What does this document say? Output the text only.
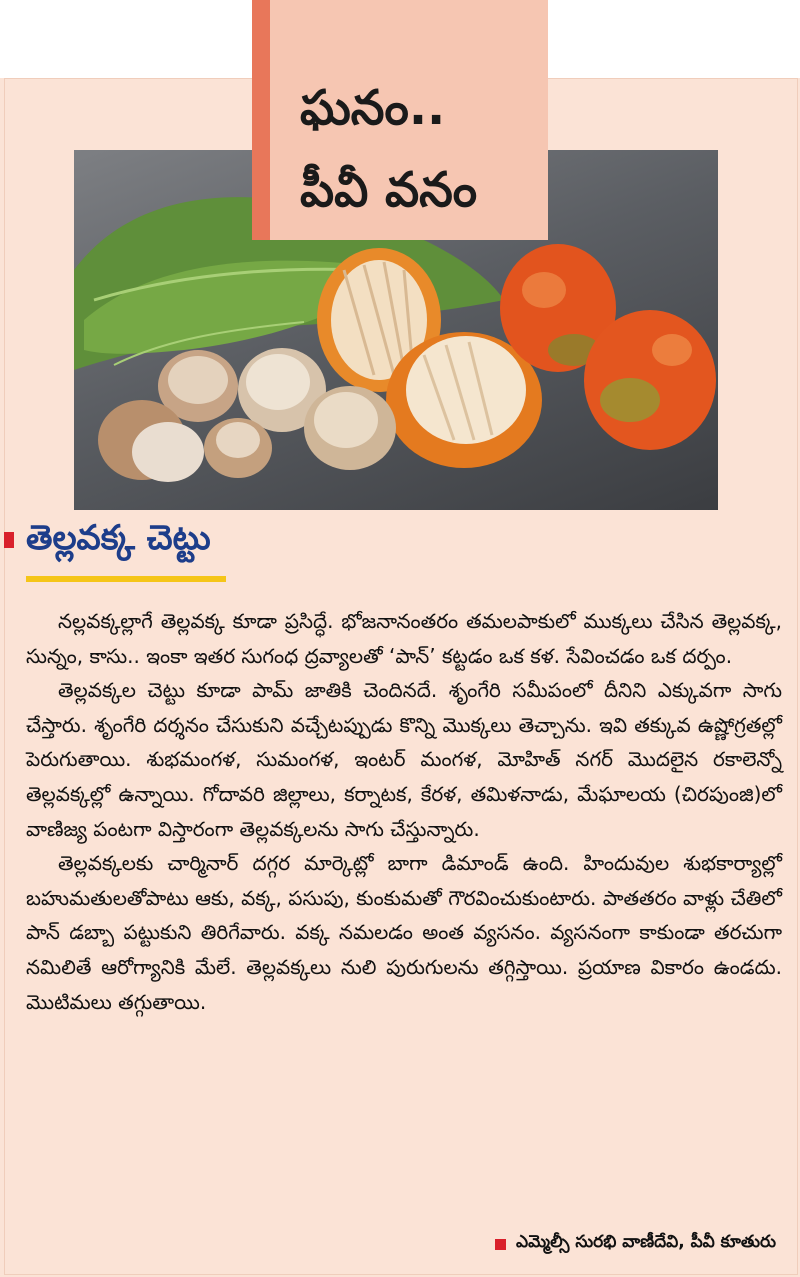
ఘనం..
పీవీ వనం
తెల్లవక్క చెట్టు

నల్లవక్కల్లాగే తెల్లవక్క కూడా ప్రసిద్ధే. భోజనానంతరం తమలపాకులో ముక్కలు చేసిన తెల్లవక్క, సున్నం, కాసు.. ఇంకా ఇతర సుగంధ ద్రవ్యాలతో ‘పాన్’ కట్టడం ఒక కళ. సేవించడం ఒక దర్పం.

తెల్లవక్కల చెట్టు కూడా పామ్ జాతికి చెందినదే. శృంగేరి సమీపంలో దీనిని ఎక్కువగా సాగు చేస్తారు. శృంగేరి దర్శనం చేసుకుని వచ్చేటప్పుడు కొన్ని మొక్కలు తెచ్చాను. ఇవి తక్కువ ఉష్ణోగ్రతల్లో పెరుగుతాయి. శుభమంగళ, సుమంగళ, ఇంటర్ మంగళ, మోహిత్ నగర్ మొదలైన రకాలెన్నో తెల్లవక్కల్లో ఉన్నాయి. గోదావరి జిల్లాలు, కర్నాటక, కేరళ, తమిళనాడు, మేఘాలయ (చిరపుంజి)లో వాణిజ్య పంటగా విస్తారంగా తెల్లవక్కలను సాగు చేస్తున్నారు.

తెల్లవక్కలకు చార్మినార్ దగ్గర మార్కెట్లో బాగా డిమాండ్ ఉంది. హిందువుల శుభకార్యాల్లో బహుమతులతోపాటు ఆకు, వక్క, పసుపు, కుంకుమతో గౌరవించుకుంటారు. పాతతరం వాళ్లు చేతిలో పాన్ డబ్బా పట్టుకుని తిరిగేవారు. వక్క నమలడం అంత వ్యసనం. వ్యసనంగా కాకుండా తరచుగా నమిలితే ఆరోగ్యానికి మేలే. తెల్లవక్కలు నులి పురుగులను తగ్గిస్తాయి. ప్రయాణ వికారం ఉండదు. మొటిమలు తగ్గుతాయి.

ఎమ్మెల్సీ సురభి వాణీదేవి, పీవీ కూతురు
